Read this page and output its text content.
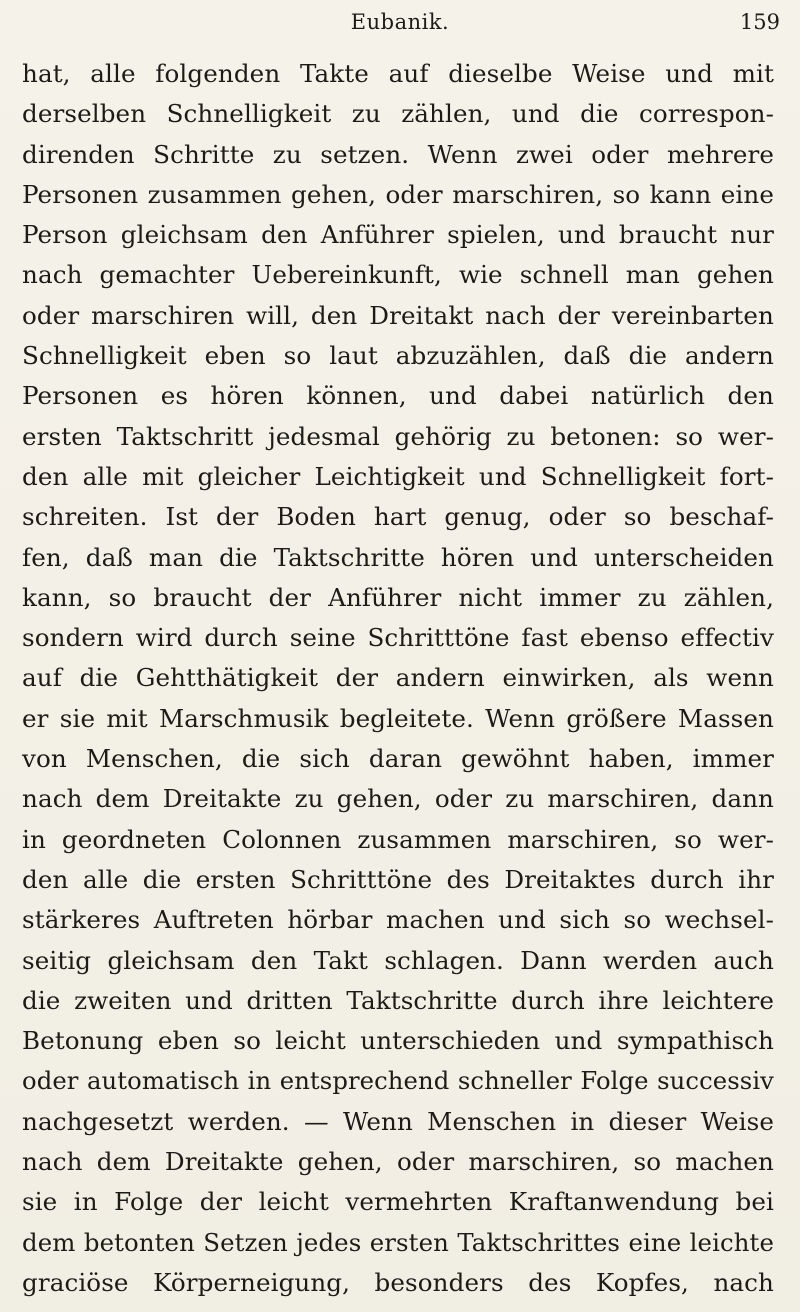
Eubanik.	159
hat, alle folgenden Takte auf dieselbe Weise und mit
derselben Schnelligkeit zu zählen, und die correspon-
direnden Schritte zu setzen. Wenn zwei oder mehrere
Personen zusammen gehen, oder marschiren, so kann eine
Person gleichsam den Anführer spielen, und braucht nur
nach gemachter Uebereinkunft, wie schnell man gehen
oder marschiren will, den Dreitakt nach der vereinbarten
Schnelligkeit eben so laut abzuzählen, daß die andern
Personen es hören können, und dabei natürlich den
ersten Taktschritt jedesmal gehörig zu betonen: so wer-
den alle mit gleicher Leichtigkeit und Schnelligkeit fort-
schreiten. Ist der Boden hart genug, oder so beschaf-
fen, daß man die Taktschritte hören und unterscheiden
kann, so braucht der Anführer nicht immer zu zählen,
sondern wird durch seine Schritttöne fast ebenso effectiv
auf die Gehtthätigkeit der andern einwirken, als wenn
er sie mit Marschmusik begleitete. Wenn größere Massen
von Menschen, die sich daran gewöhnt haben, immer
nach dem Dreitakte zu gehen, oder zu marschiren, dann
in geordneten Colonnen zusammen marschiren, so wer-
den alle die ersten Schritttöne des Dreitaktes durch ihr
stärkeres Auftreten hörbar machen und sich so wechsel-
seitig gleichsam den Takt schlagen. Dann werden auch
die zweiten und dritten Taktschritte durch ihre leichtere
Betonung eben so leicht unterschieden und sympathisch
oder automatisch in entsprechend schneller Folge successiv
nachgesetzt werden. — Wenn Menschen in dieser Weise
nach dem Dreitakte gehen, oder marschiren, so machen
sie in Folge der leicht vermehrten Kraftanwendung bei
dem betonten Setzen jedes ersten Taktschrittes eine leichte
graciöse Körperneigung, besonders des Kopfes, nach
